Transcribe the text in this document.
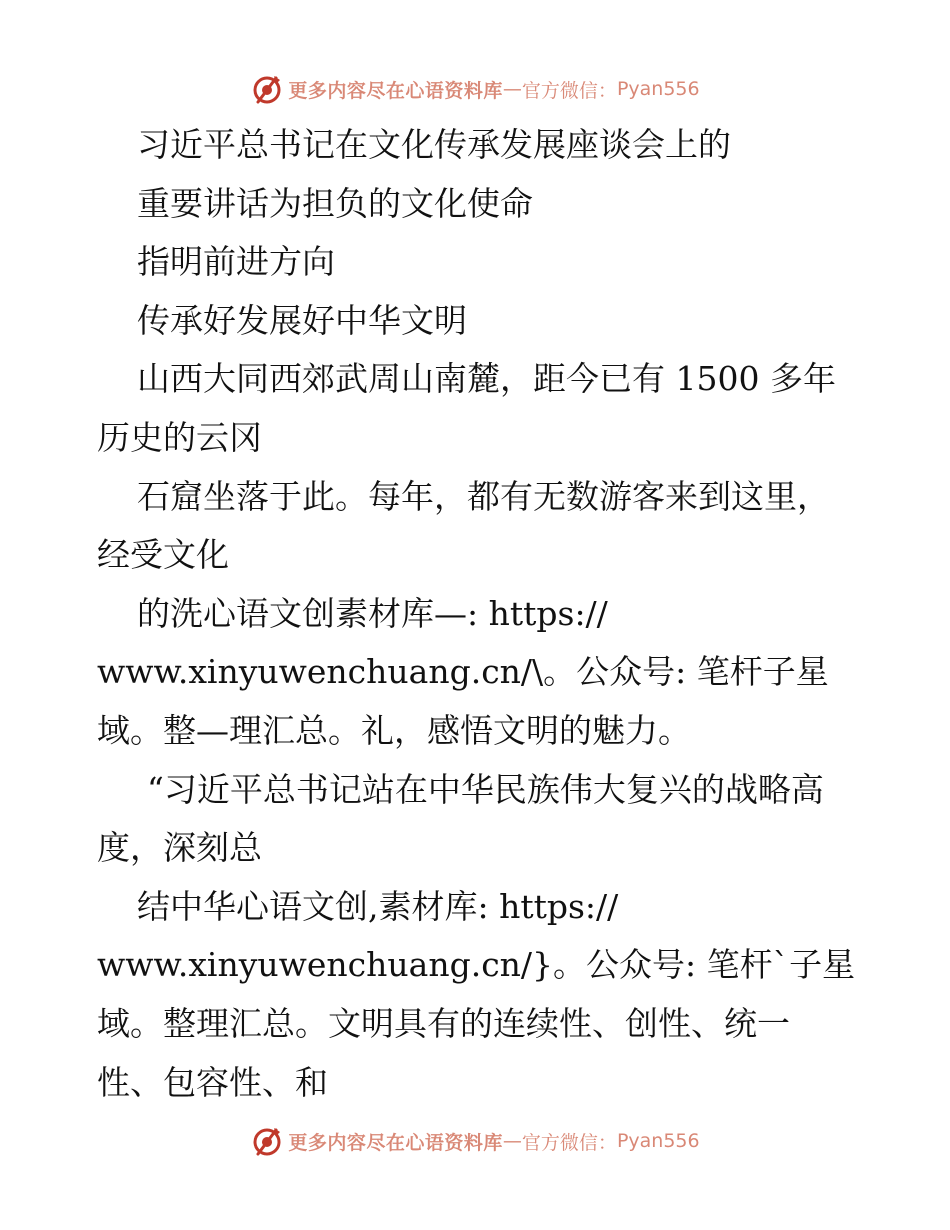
更多内容尽在心语资料库 — 官方微信： Pyan556

习近平总书记在文化传承发展座谈会上的

重要讲话为担负的文化使命

指明前进方向

传承好发展好中华文明

山西大同西郊武周山南麓，距今已有 1500 多年

历史的云冈

石窟坐落于此。每年，都有无数游客来到这里，

经受文化

的洗心语文创素材库—: https://

www.xinyuwenchuang.cn/\。公众号: 笔杆子星

域。整—理汇总。礼，感悟文明的魅力。

“习近平总书记站在中华民族伟大复兴的战略高

度，深刻总

结中华心语文创,素材库: https://

www.xinyuwenchuang.cn/}。公众号: 笔杆`子星

域。整理汇总。文明具有的连续性、创性、统一

性、包容性、和

更多内容尽在心语资料库 — 官方微信： Pyan556
